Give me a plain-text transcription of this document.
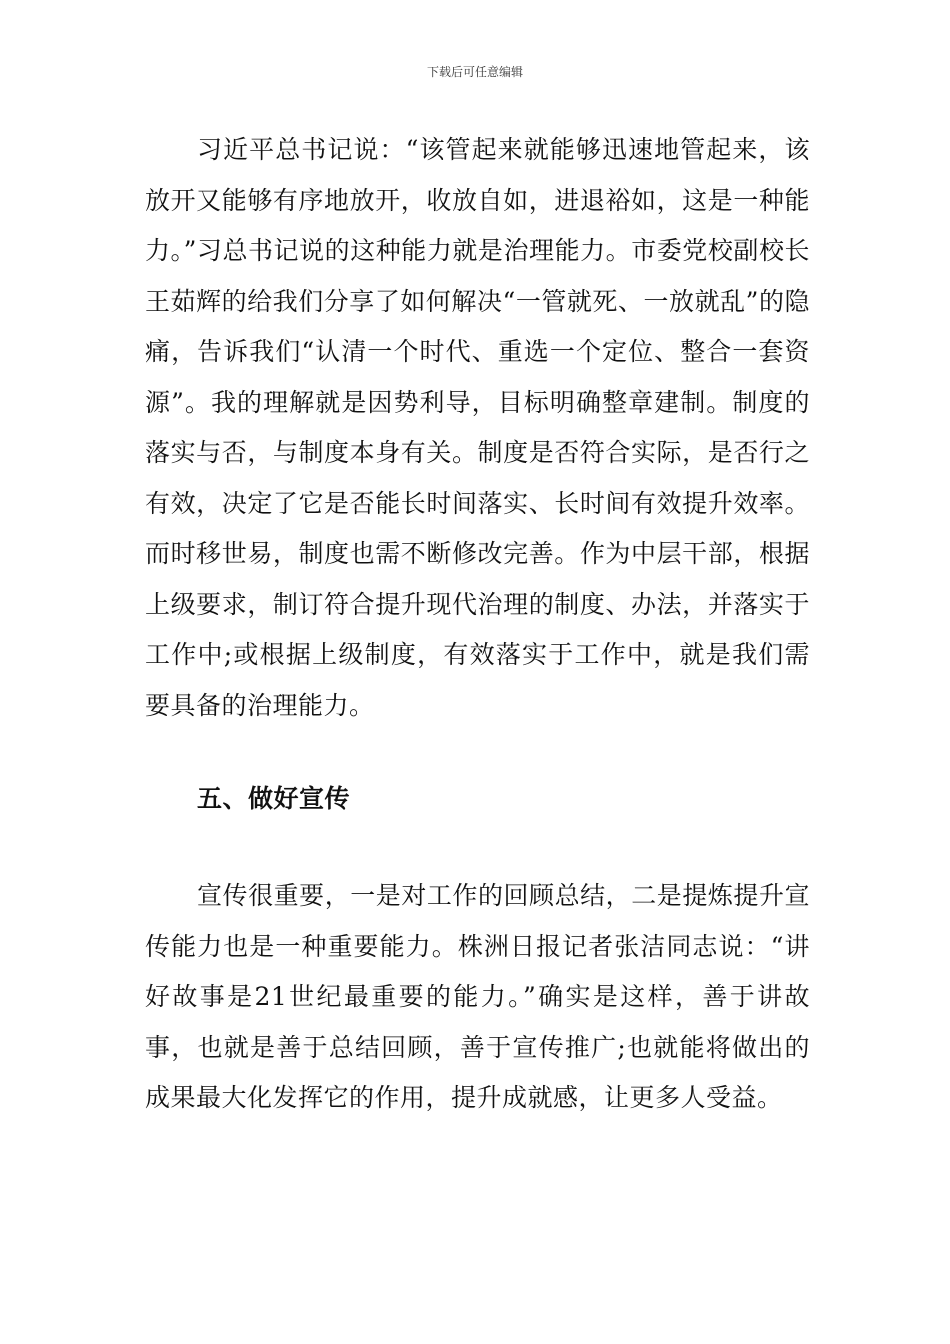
下载后可任意编辑

习近平总书记说：“该管起来就能够迅速地管起来，该放开又能够有序地放开，收放自如，进退裕如，这是一种能力。”习总书记说的这种能力就是治理能力。市委党校副校长王茹辉的给我们分享了如何解决“一管就死、一放就乱”的隐痛，告诉我们“认清一个时代、重选一个定位、整合一套资源”。我的理解就是因势利导，目标明确整章建制。制度的落实与否，与制度本身有关。制度是否符合实际，是否行之有效，决定了它是否能长时间落实、长时间有效提升效率。而时移世易，制度也需不断修改完善。作为中层干部，根据上级要求，制订符合提升现代治理的制度、办法，并落实于工作中;或根据上级制度，有效落实于工作中，就是我们需要具备的治理能力。

五、做好宣传

宣传很重要，一是对工作的回顾总结，二是提炼提升宣传能力也是一种重要能力。株洲日报记者张洁同志说：“讲好故事是21世纪最重要的能力。”确实是这样，善于讲故事，也就是善于总结回顾，善于宣传推广;也就能将做出的成果最大化发挥它的作用，提升成就感，让更多人受益。
